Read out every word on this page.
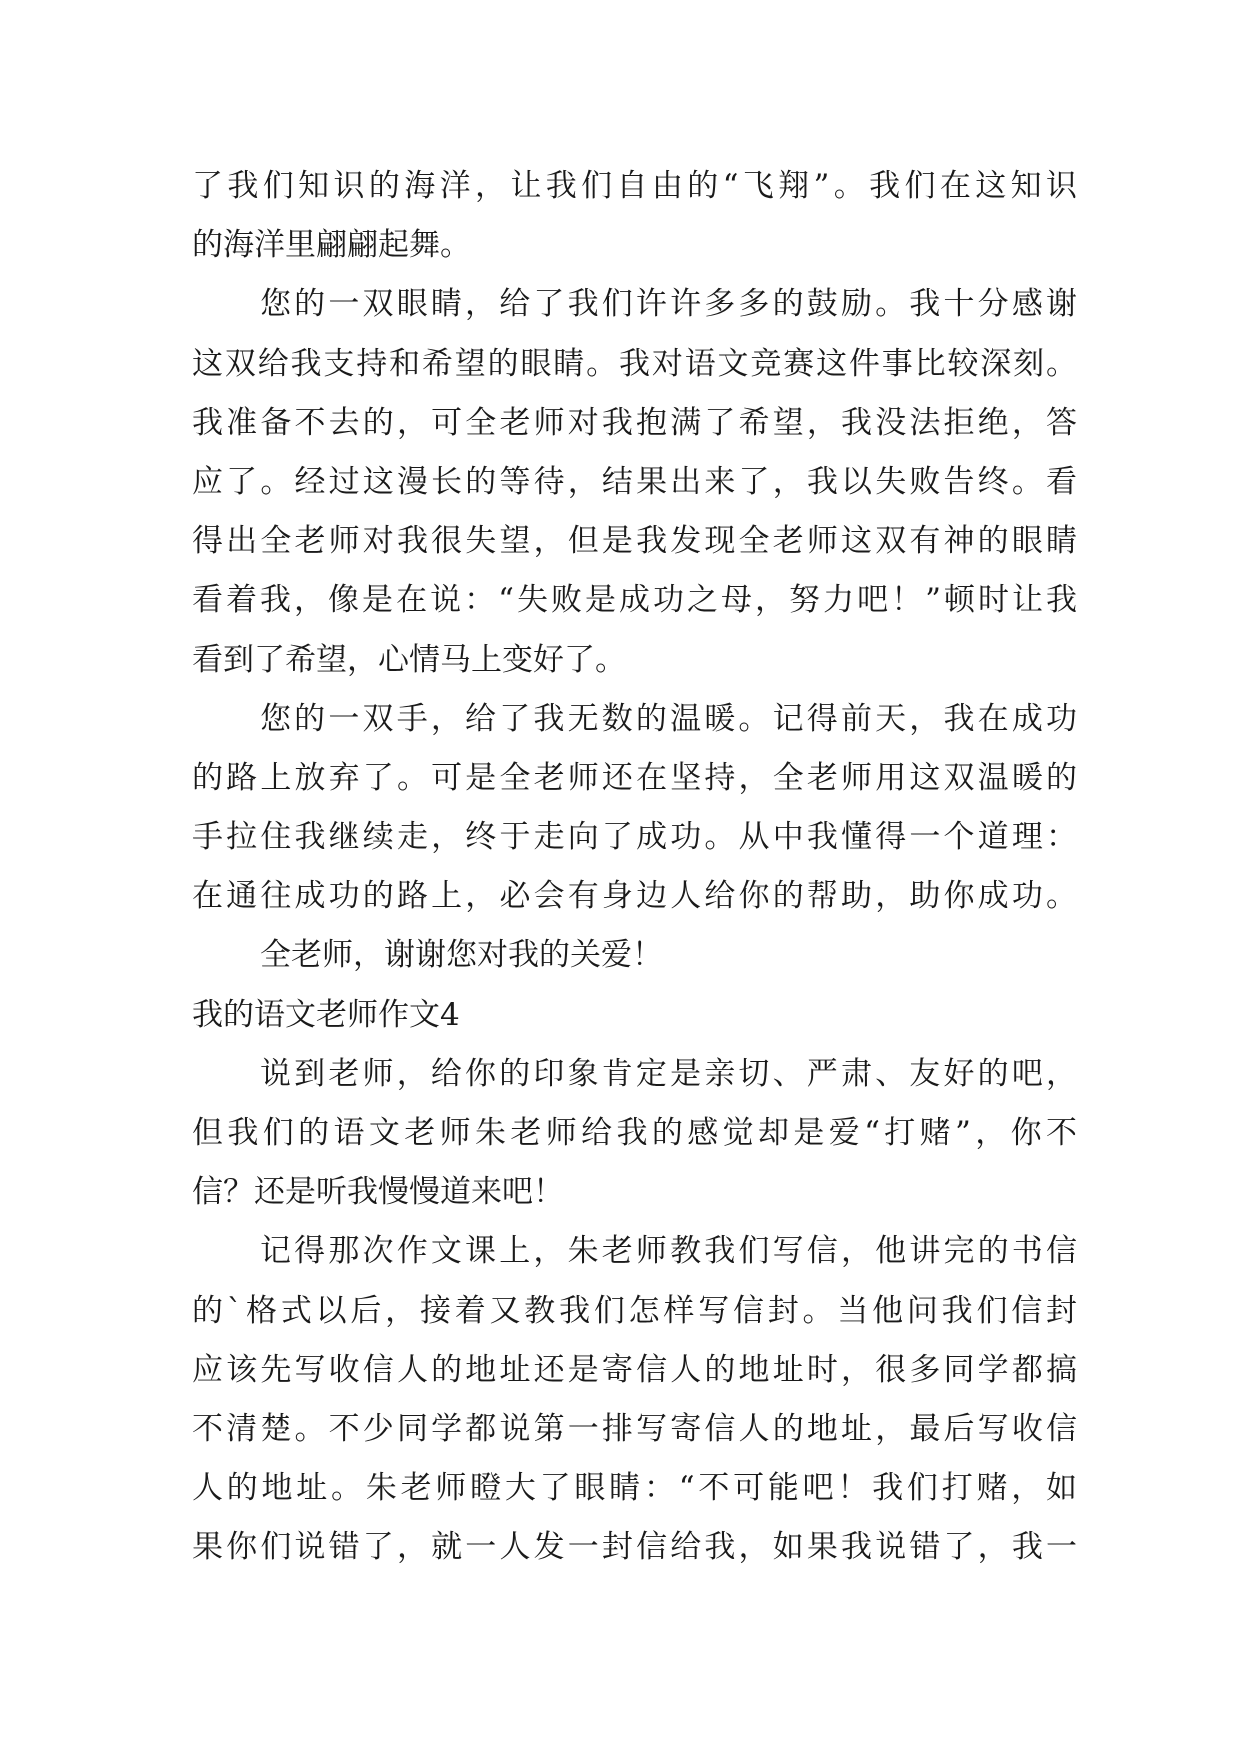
了我们知识的海洋，让我们自由的“飞翔”。我们在这知识
的海洋里翩翩起舞。
您的一双眼睛，给了我们许许多多的鼓励。我十分感谢
这双给我支持和希望的眼睛。我对语文竞赛这件事比较深刻。
我准备不去的，可全老师对我抱满了希望，我没法拒绝，答
应了。经过这漫长的等待，结果出来了，我以失败告终。看
得出全老师对我很失望，但是我发现全老师这双有神的眼睛
看着我，像是在说：“失败是成功之母，努力吧！”顿时让我
看到了希望，心情马上变好了。
您的一双手，给了我无数的温暖。记得前天，我在成功
的路上放弃了。可是全老师还在坚持，全老师用这双温暖的
手拉住我继续走，终于走向了成功。从中我懂得一个道理：
在通往成功的路上，必会有身边人给你的帮助，助你成功。
全老师，谢谢您对我的关爱！
我的语文老师作文4
说到老师，给你的印象肯定是亲切、严肃、友好的吧，
但我们的语文老师朱老师给我的感觉却是爱“打赌”，你不
信？还是听我慢慢道来吧！
记得那次作文课上，朱老师教我们写信，他讲完的书信
的`格式以后，接着又教我们怎样写信封。当他问我们信封
应该先写收信人的地址还是寄信人的地址时，很多同学都搞
不清楚。不少同学都说第一排写寄信人的地址，最后写收信
人的地址。朱老师瞪大了眼睛：“不可能吧！我们打赌，如
果你们说错了，就一人发一封信给我，如果我说错了，我一
